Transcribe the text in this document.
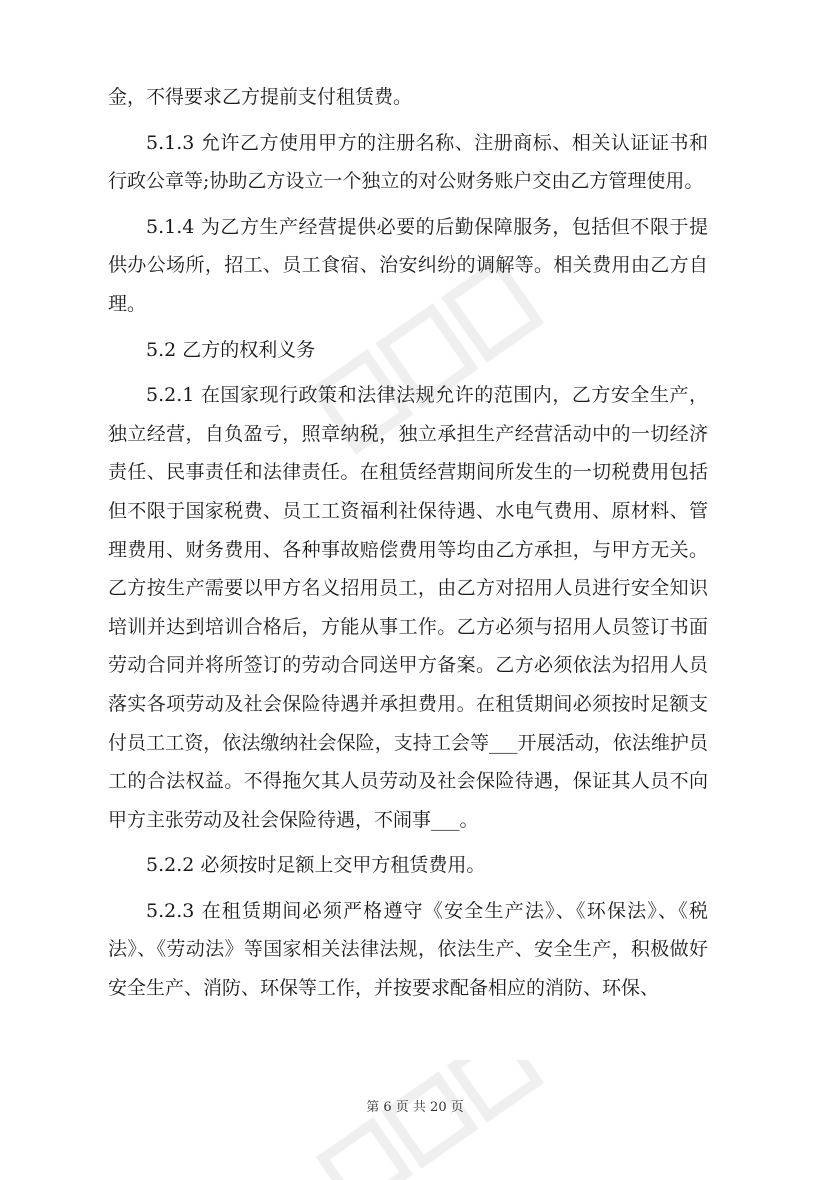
金，不得要求乙方提前支付租赁费。

5.1.3 允许乙方使用甲方的注册名称、注册商标、相关认证证书和行政公章等;协助乙方设立一个独立的对公财务账户交由乙方管理使用。

5.1.4 为乙方生产经营提供必要的后勤保障服务，包括但不限于提供办公场所，招工、员工食宿、治安纠纷的调解等。相关费用由乙方自理。

5.2 乙方的权利义务

5.2.1 在国家现行政策和法律法规允许的范围内，乙方安全生产，独立经营，自负盈亏，照章纳税，独立承担生产经营活动中的一切经济责任、民事责任和法律责任。在租赁经营期间所发生的一切税费用包括但不限于国家税费、员工工资福利社保待遇、水电气费用、原材料、管理费用、财务费用、各种事故赔偿费用等均由乙方承担，与甲方无关。乙方按生产需要以甲方名义招用员工，由乙方对招用人员进行安全知识培训并达到培训合格后，方能从事工作。乙方必须与招用人员签订书面劳动合同并将所签订的劳动合同送甲方备案。乙方必须依法为招用人员落实各项劳动及社会保险待遇并承担费用。在租赁期间必须按时足额支付员工工资，依法缴纳社会保险，支持工会等___开展活动，依法维护员工的合法权益。不得拖欠其人员劳动及社会保险待遇，保证其人员不向甲方主张劳动及社会保险待遇，不闹事___。

5.2.2 必须按时足额上交甲方租赁费用。

5.2.3 在租赁期间必须严格遵守《安全生产法》、《环保法》、《税法》、《劳动法》等国家相关法律法规，依法生产、安全生产，积极做好安全生产、消防、环保等工作，并按要求配备相应的消防、环保、

第 6 页 共 20 页
